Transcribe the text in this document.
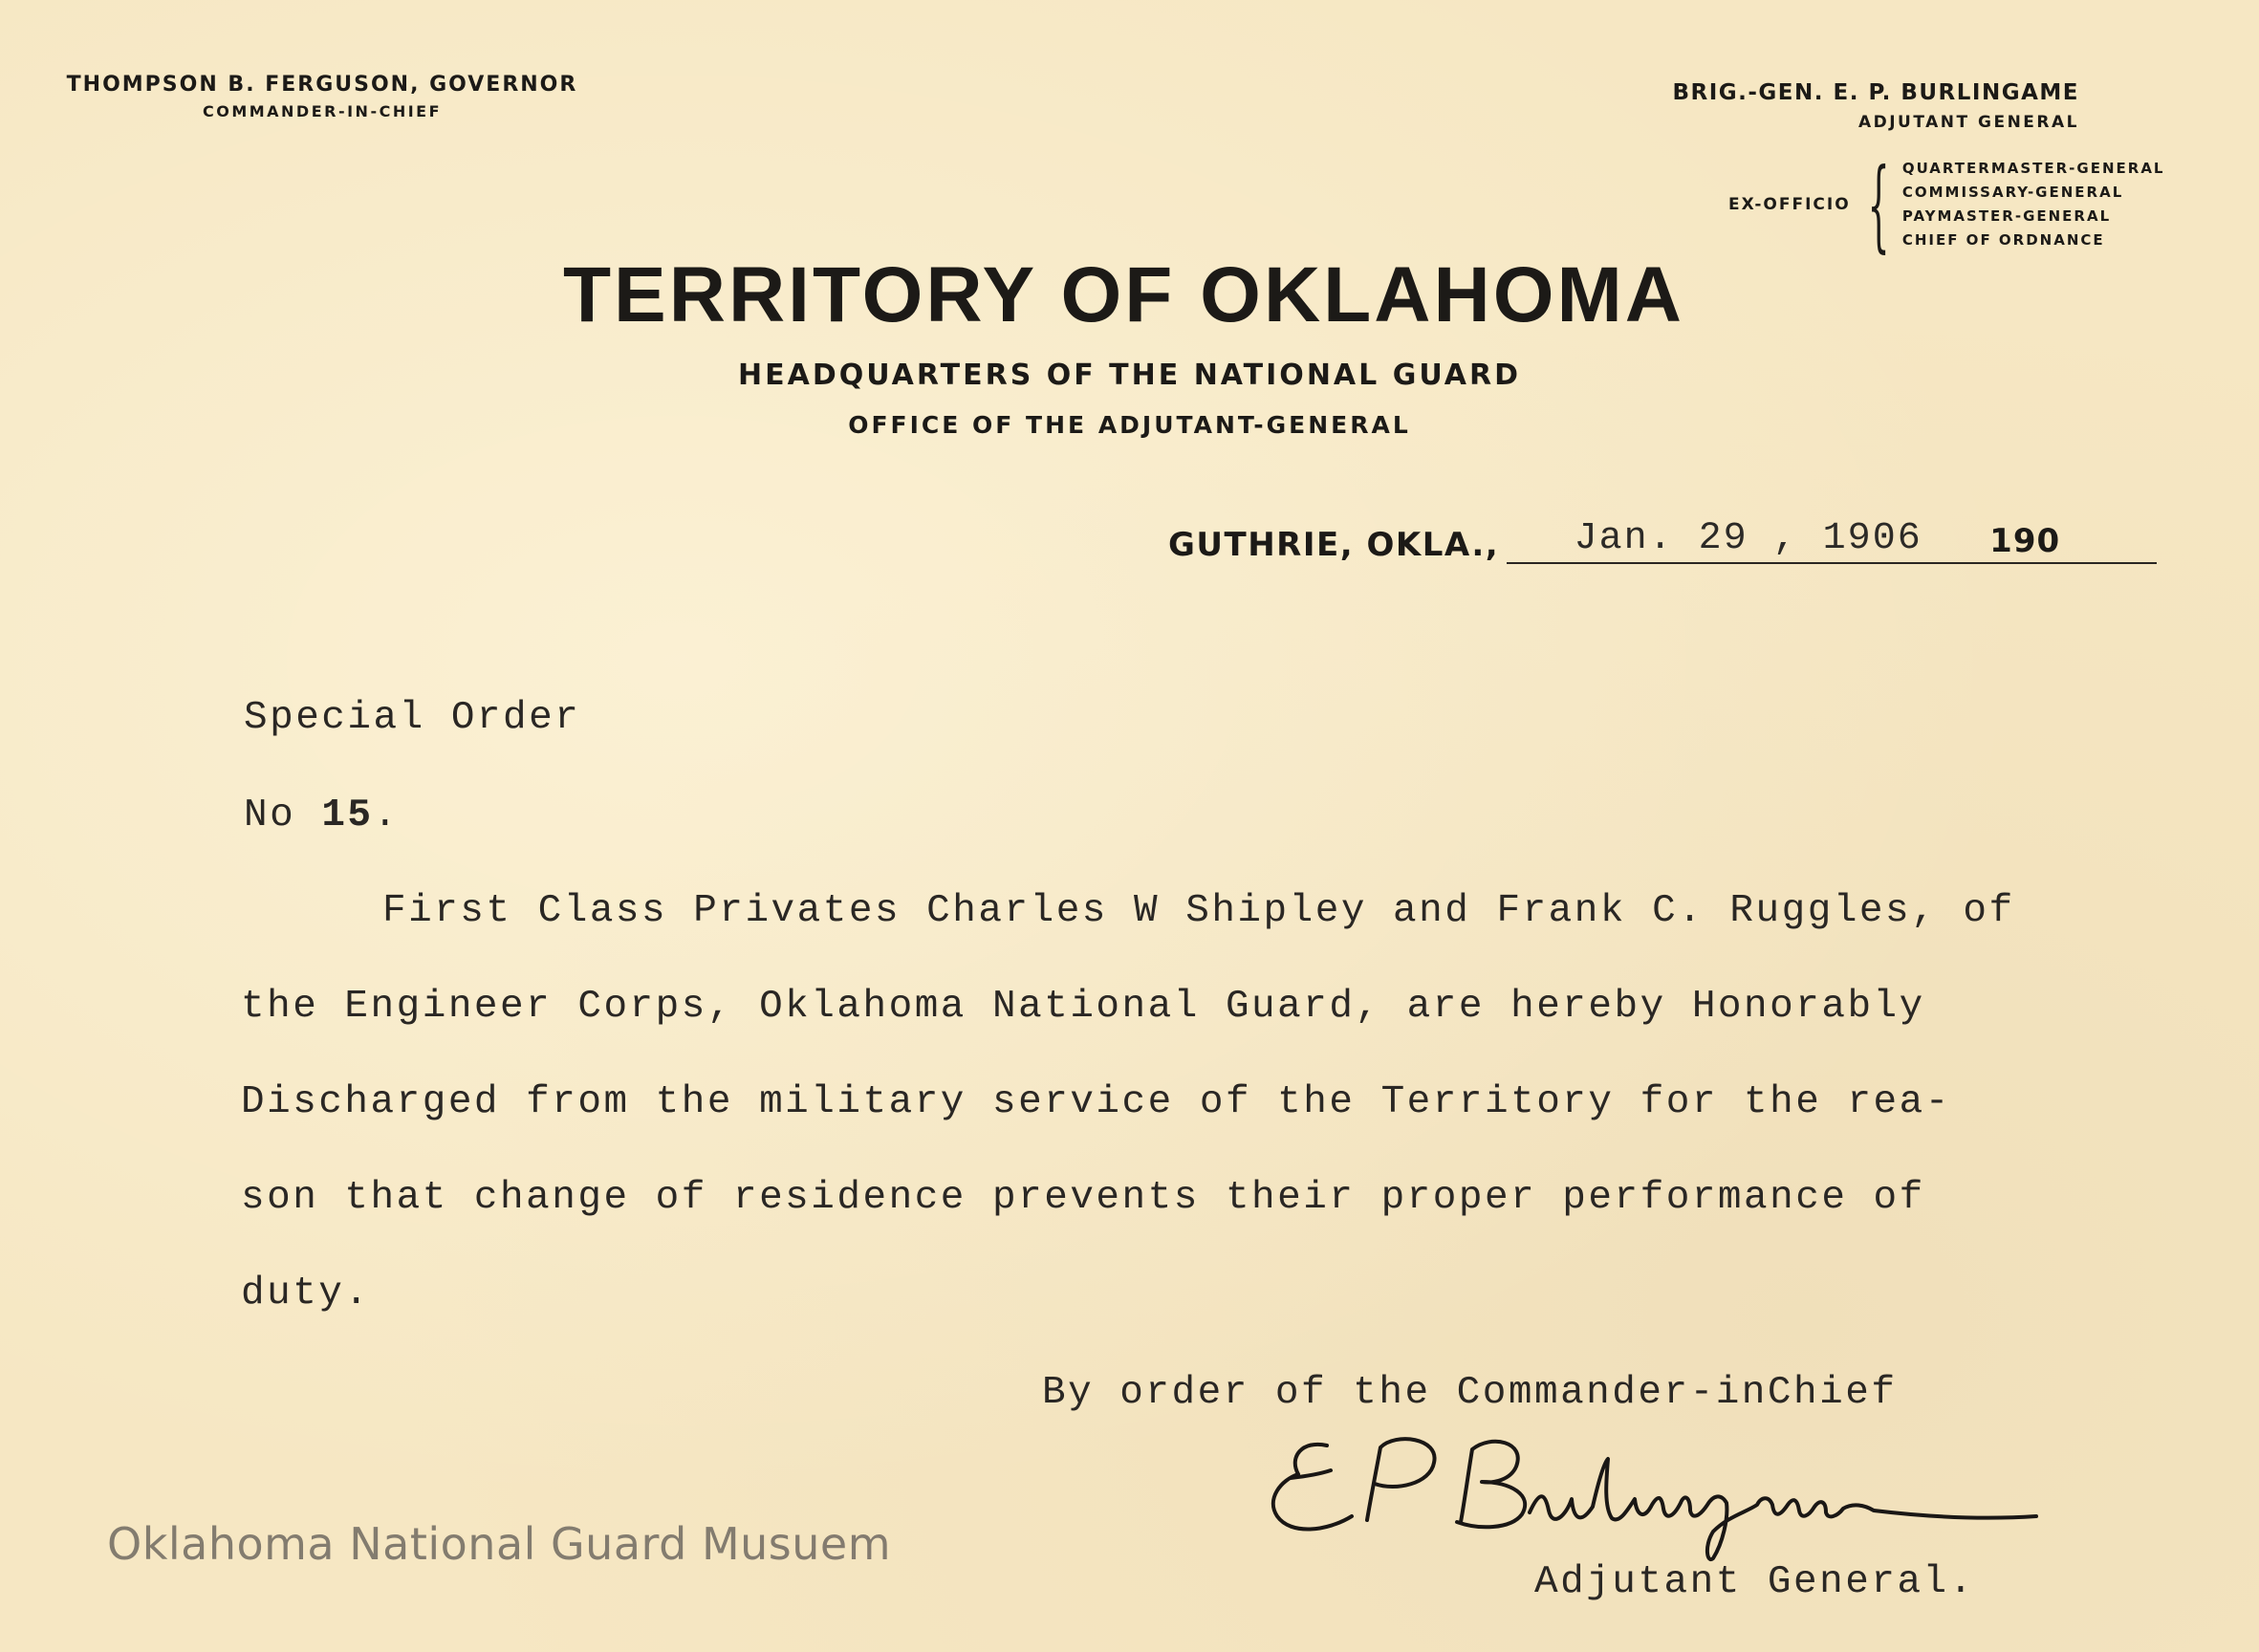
THOMPSON B. FERGUSON, GOVERNOR
COMMANDER-IN-CHIEF
BRIG.-GEN. E. P. BURLINGAME
ADJUTANT GENERAL
EX-OFFICIO { QUARTERMASTER-GENERAL
COMMISSARY-GENERAL
PAYMASTER-GENERAL
CHIEF OF ORDNANCE
TERRITORY OF OKLAHOMA
HEADQUARTERS OF THE NATIONAL GUARD
OFFICE OF THE ADJUTANT-GENERAL
GUTHRIE, OKLA.,	Jan. 29 , 1906	190
Special Order
No 15.
First Class Privates Charles W Shipley and Frank C. Ruggles, of
the Engineer Corps, Oklahoma National Guard, are hereby Honorably
Discharged from the military service of the Territory for the rea-
son that change of residence prevents their proper performance of
duty.
By order of the Commander-inChief
Adjutant General.
Oklahoma National Guard Musuem
